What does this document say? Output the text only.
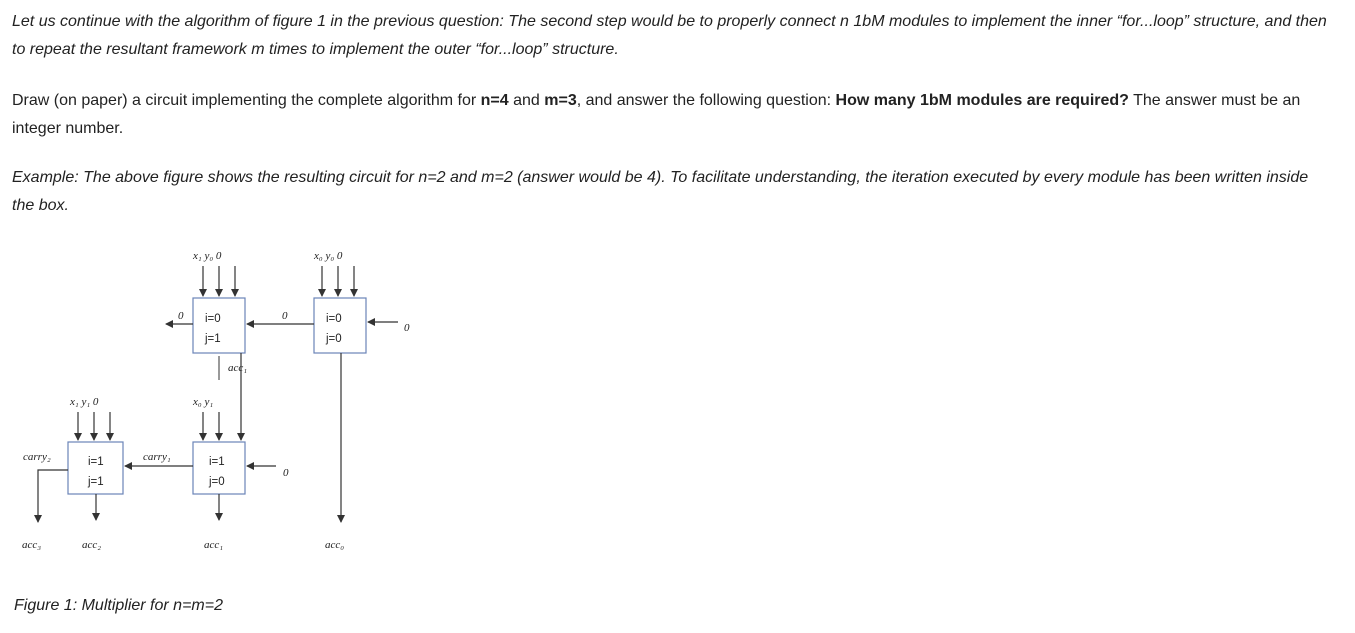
Let us continue with the algorithm of figure 1 in the previous question: The second step would be to properly connect n 1bM modules to implement the inner “for...loop” structure, and then to repeat the resultant framework m times to implement the outer “for...loop” structure.

Draw (on paper) a circuit implementing the complete algorithm for n=4 and m=3, and answer the following question: How many 1bM modules are required? The answer must be an integer number.

Example: The above figure shows the resulting circuit for n=2 and m=2 (answer would be 4). To facilitate understanding, the iteration executed by every module has been written inside the box.

x₁ y₀ 0
i=0
j=1
0
x₀ y₀ 0
i=0
j=0
0
0
acc₀
acc₁
x₀ y₁
i=1
j=0
0
acc₁
x₁ y₁ 0
i=1
j=1
carry₁
carry₂
acc₃	acc₂
Figure 1: Multiplier for n=m=2
